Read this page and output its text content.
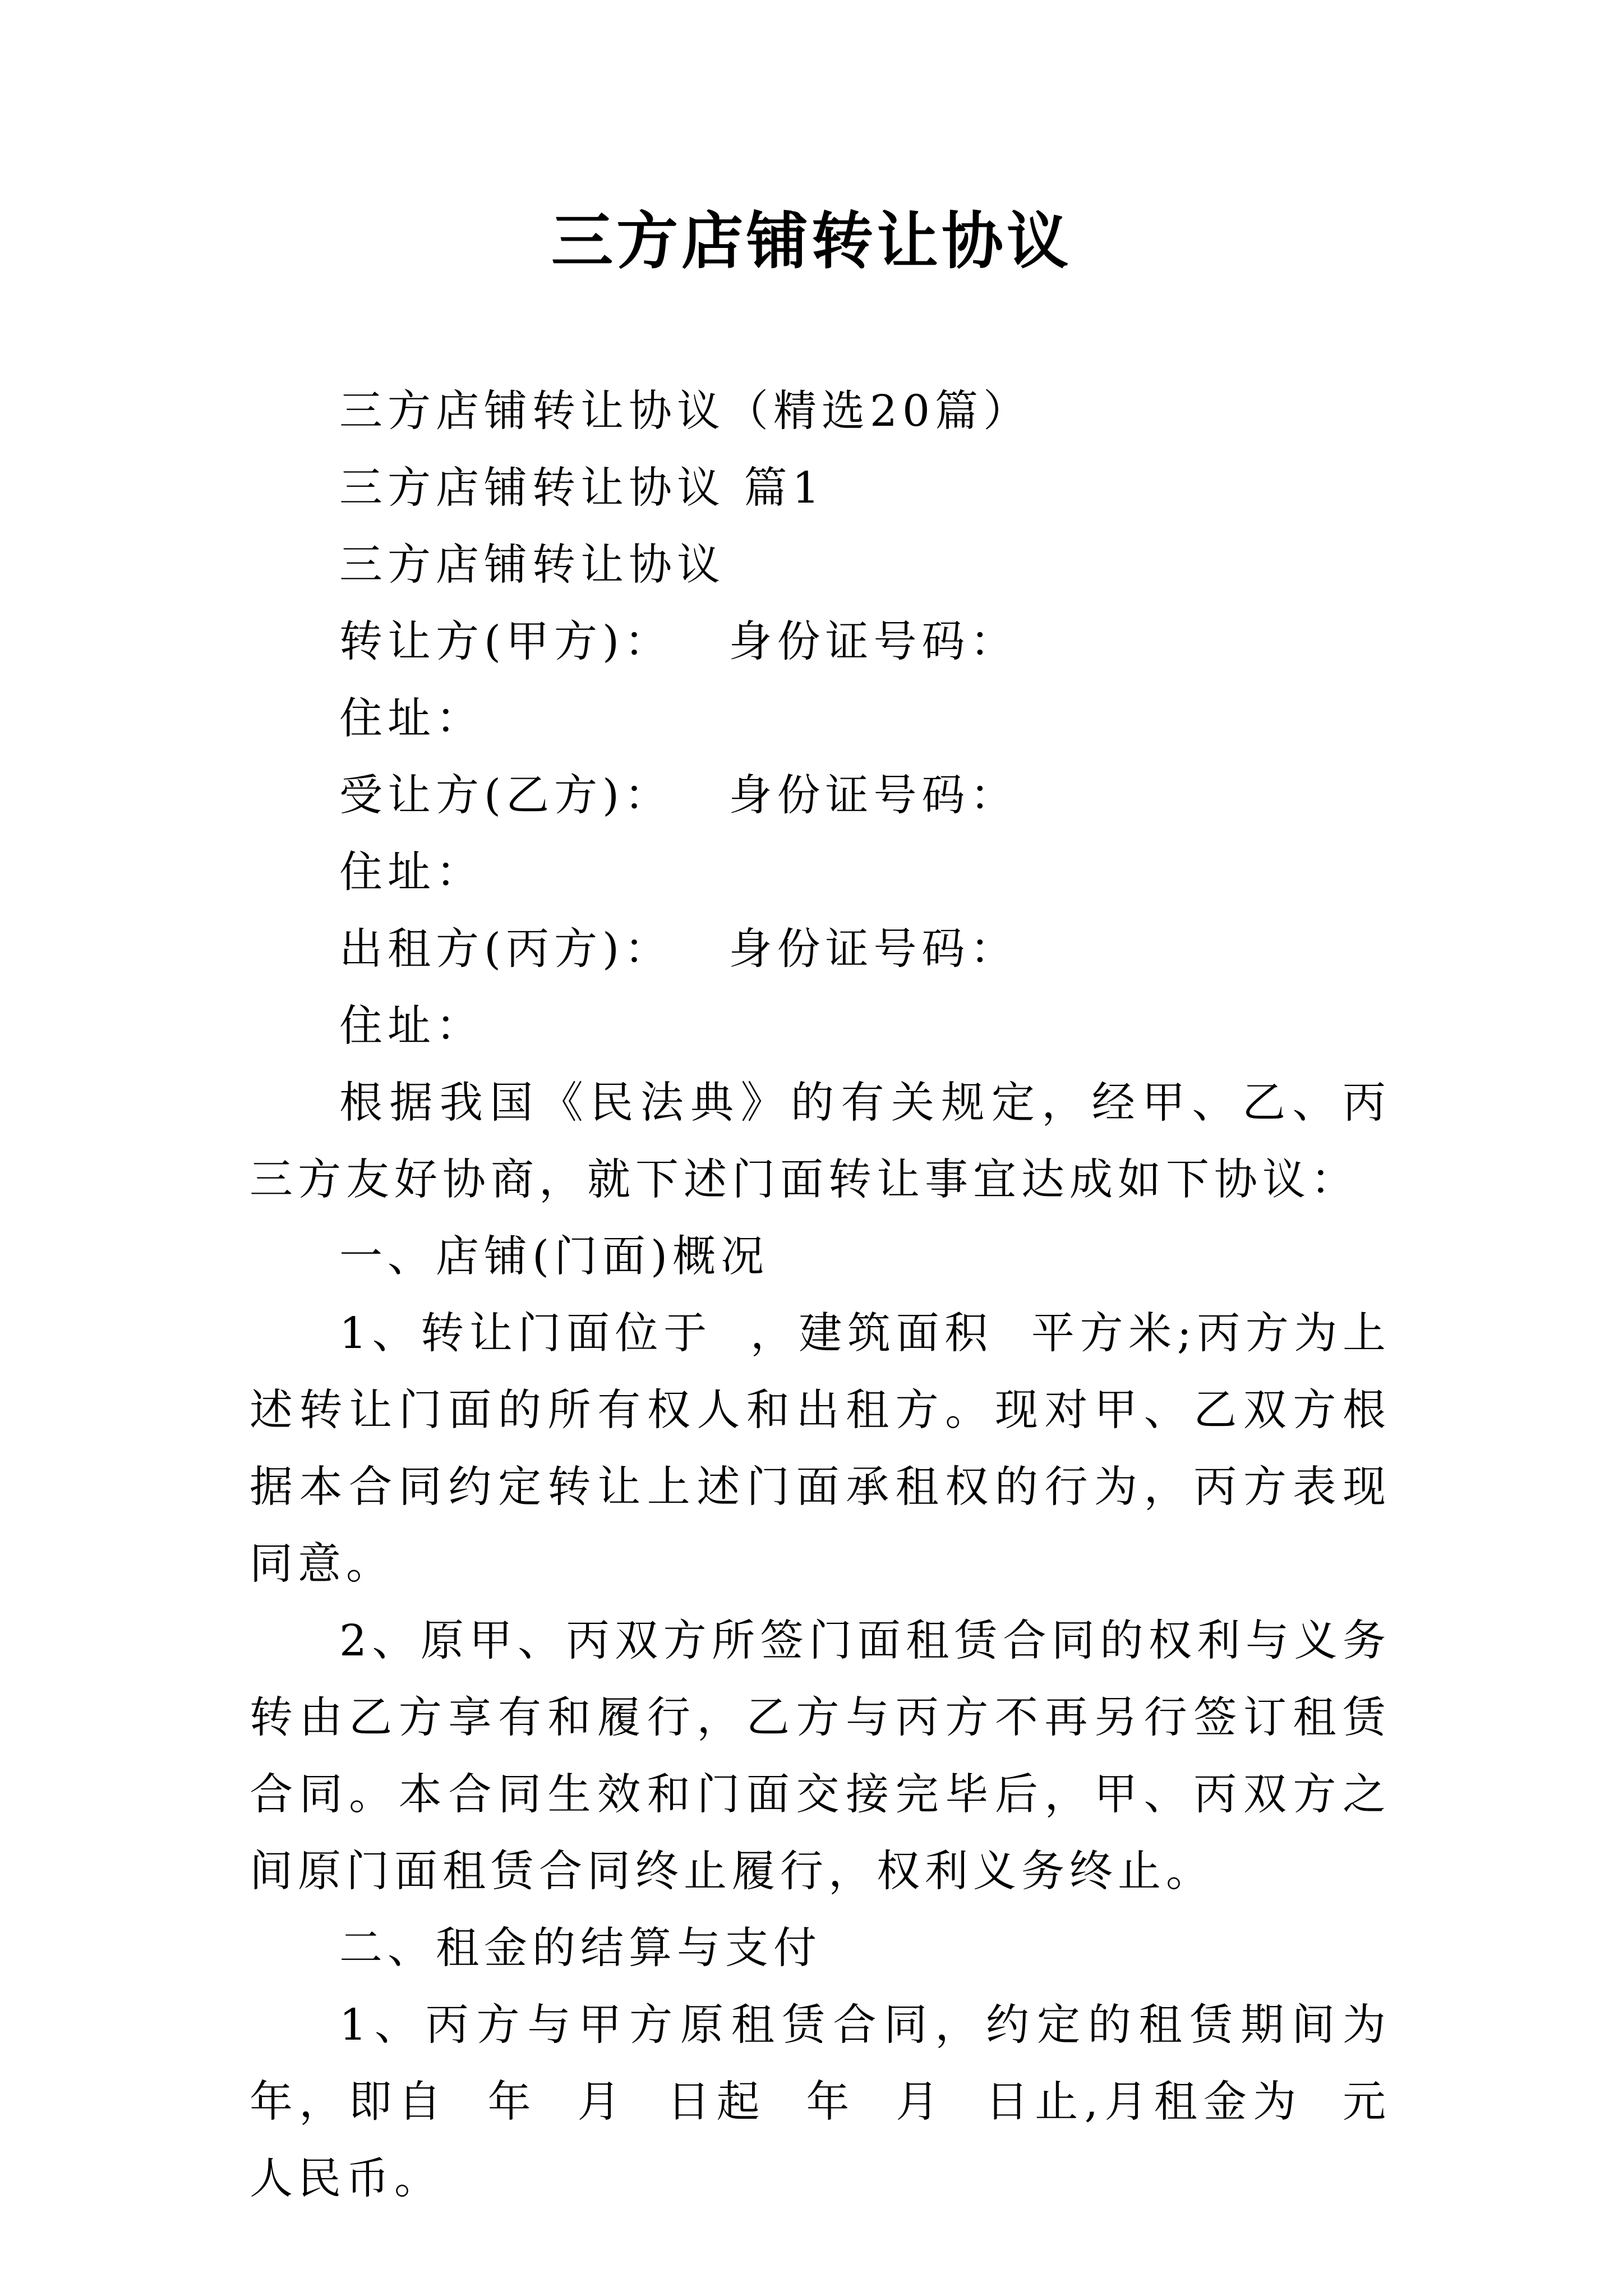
三方店铺转让协议

三方店铺转让协议（精选20篇）

三方店铺转让协议 篇1

三方店铺转让协议

转让方(甲方)：   身份证号码：

住址：

受让方(乙方)：   身份证号码：

住址：

出租方(丙方)：   身份证号码：

住址：

根据我国《民法典》的有关规定，经甲、乙、丙三方友好协商，就下述门面转让事宜达成如下协议：

一、店铺(门面)概况

1、转让门面位于  ，建筑面积  平方米;丙方为上述转让门面的所有权人和出租方。现对甲、乙双方根据本合同约定转让上述门面承租权的行为，丙方表现同意。

2、原甲、丙双方所签门面租赁合同的权利与义务转由乙方享有和履行，乙方与丙方不再另行签订租赁合同。本合同生效和门面交接完毕后，甲、丙双方之间原门面租赁合同终止履行，权利义务终止。

二、租金的结算与支付

1、丙方与甲方原租赁合同，约定的租赁期间为  年，即自  年  月  日起  年  月  日止,月租金为  元人民币。
